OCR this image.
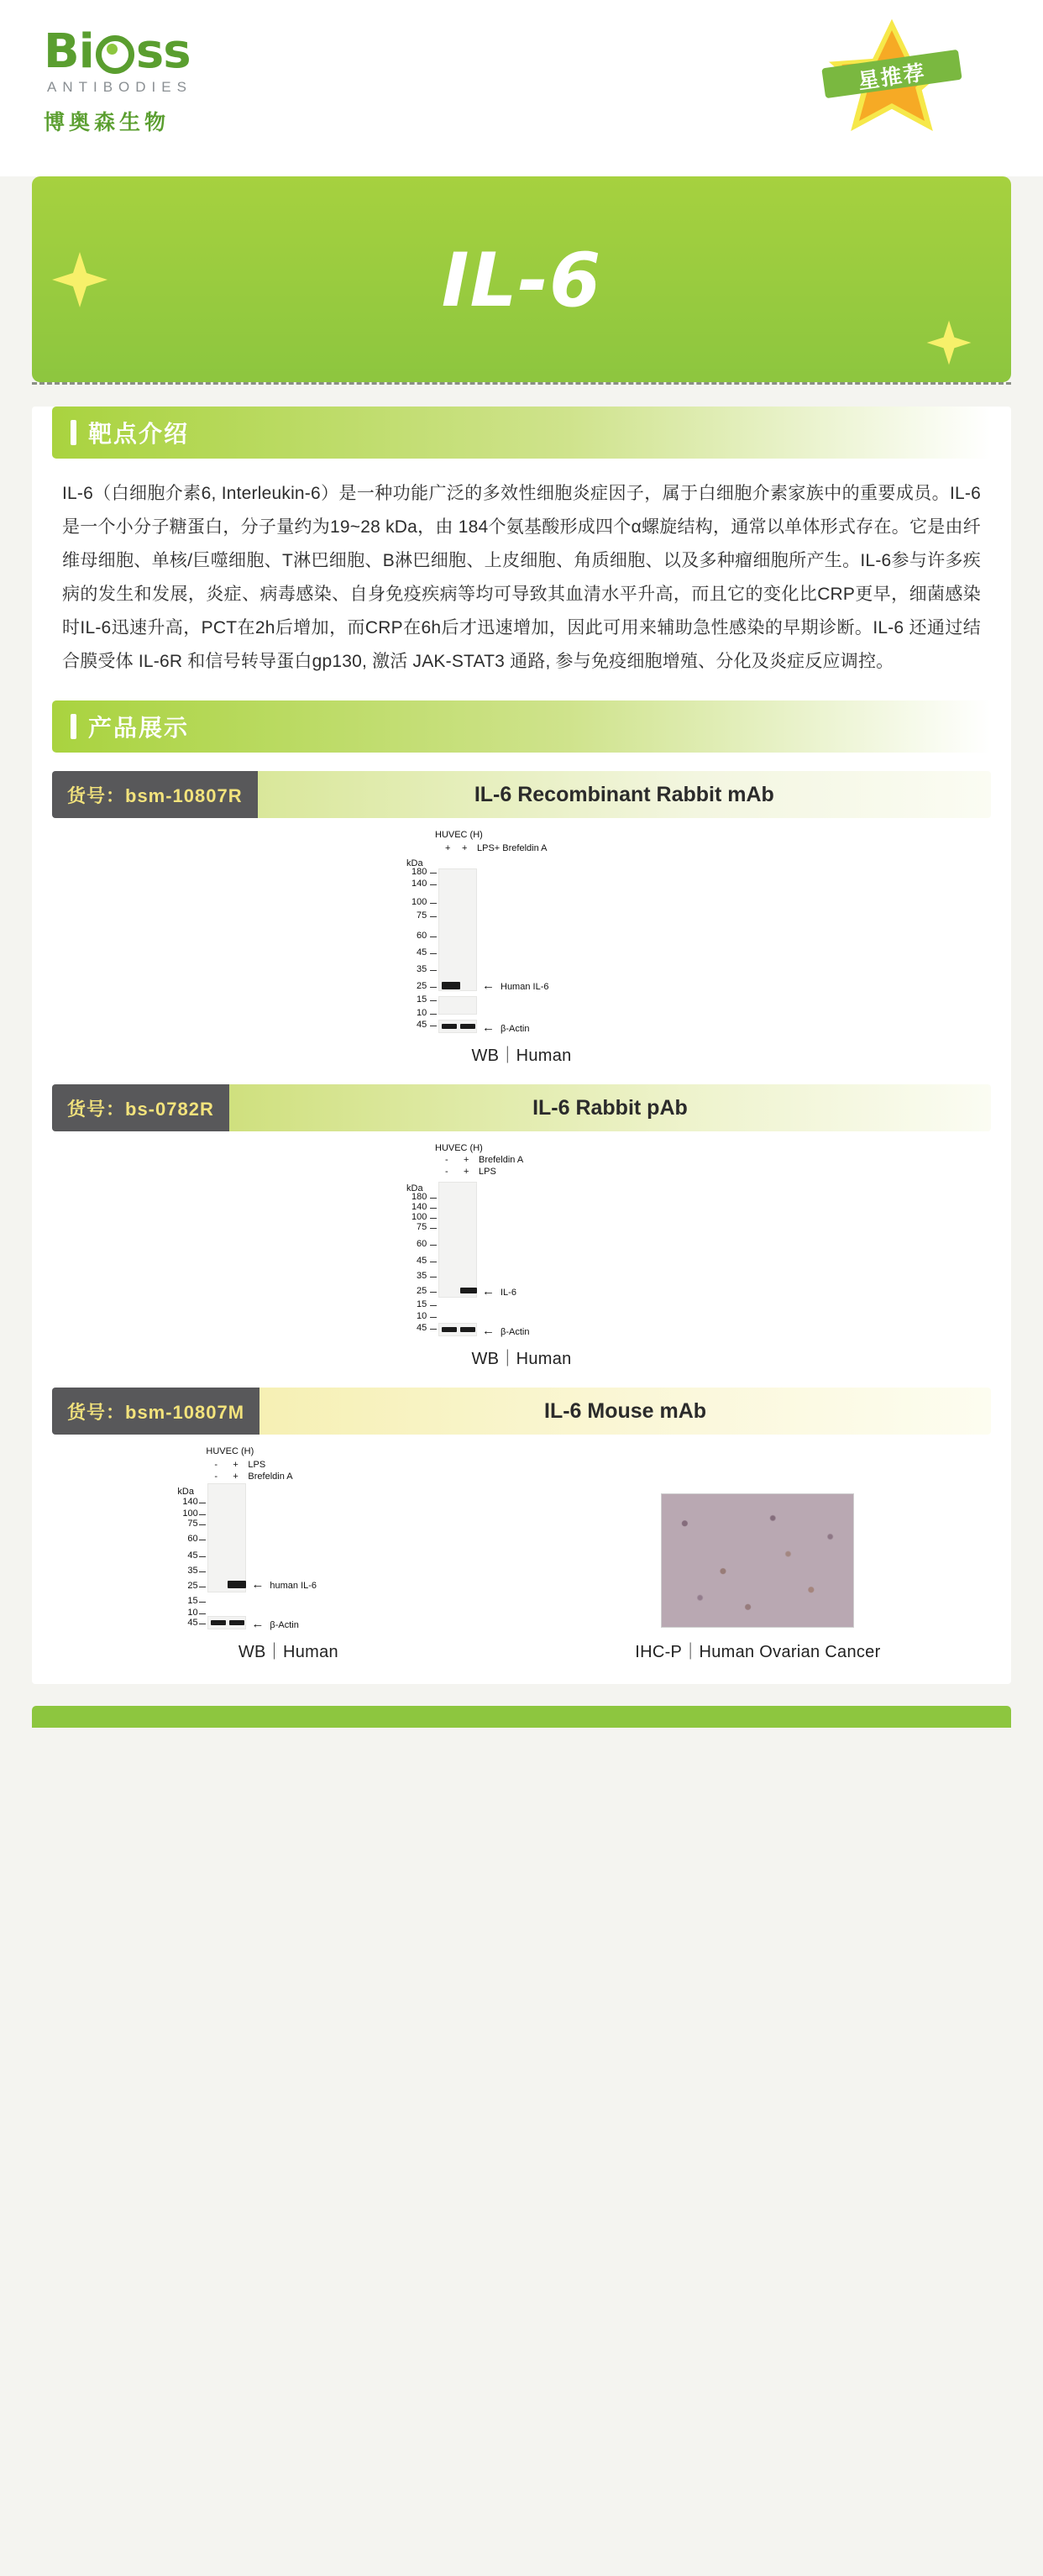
Bi ss
ANTIBODIES
博奥森生物
星推荐
IL-6
靶点介绍
IL-6（白细胞介素6, Interleukin-6）是一种功能广泛的多效性细胞炎症因子，属于白细胞介素家族中的重要成员。IL-6是一个小分子糖蛋白，分子量约为19~28 kDa，由 184个氨基酸形成四个α螺旋结构，通常以单体形式存在。它是由纤维母细胞、单核/巨噬细胞、T淋巴细胞、B淋巴细胞、上皮细胞、角质细胞、以及多种瘤细胞所产生。IL-6参与许多疾病的发生和发展，炎症、病毒感染、自身免疫疾病等均可导致其血清水平升高，而且它的变化比CRP更早，细菌感染时IL-6迅速升高，PCT在2h后增加，而CRP在6h后才迅速增加，因此可用来辅助急性感染的早期诊断。IL-6 还通过结合膜受体 IL-6R 和信号转导蛋白gp130, 激活 JAK-STAT3 通路, 参与免疫细胞增殖、分化及炎症反应调控。
产品展示
货号：bsm-10807R	IL-6 Recombinant Rabbit mAb
HUVEC (H)
+ + LPS+ Brefeldin A
kDa
180
140
100
75
60
45
35
25
15
10
45
← Human IL-6
← β-Actin
WB｜Human
货号：bs-0782R	IL-6 Rabbit pAb
HUVEC (H)
- + Brefeldin A
- + LPS
kDa
180
140
100
75
60
45
35
25
15
10
45
← IL-6
← β-Actin
WB｜Human
货号：bsm-10807M	IL-6 Mouse mAb
HUVEC (H)
- + LPS
- + Brefeldin A
kDa
140
100
75
60
45
35
25
15
10
45
← human IL-6
← β-Actin
WB｜Human	IHC-P｜Human Ovarian Cancer
